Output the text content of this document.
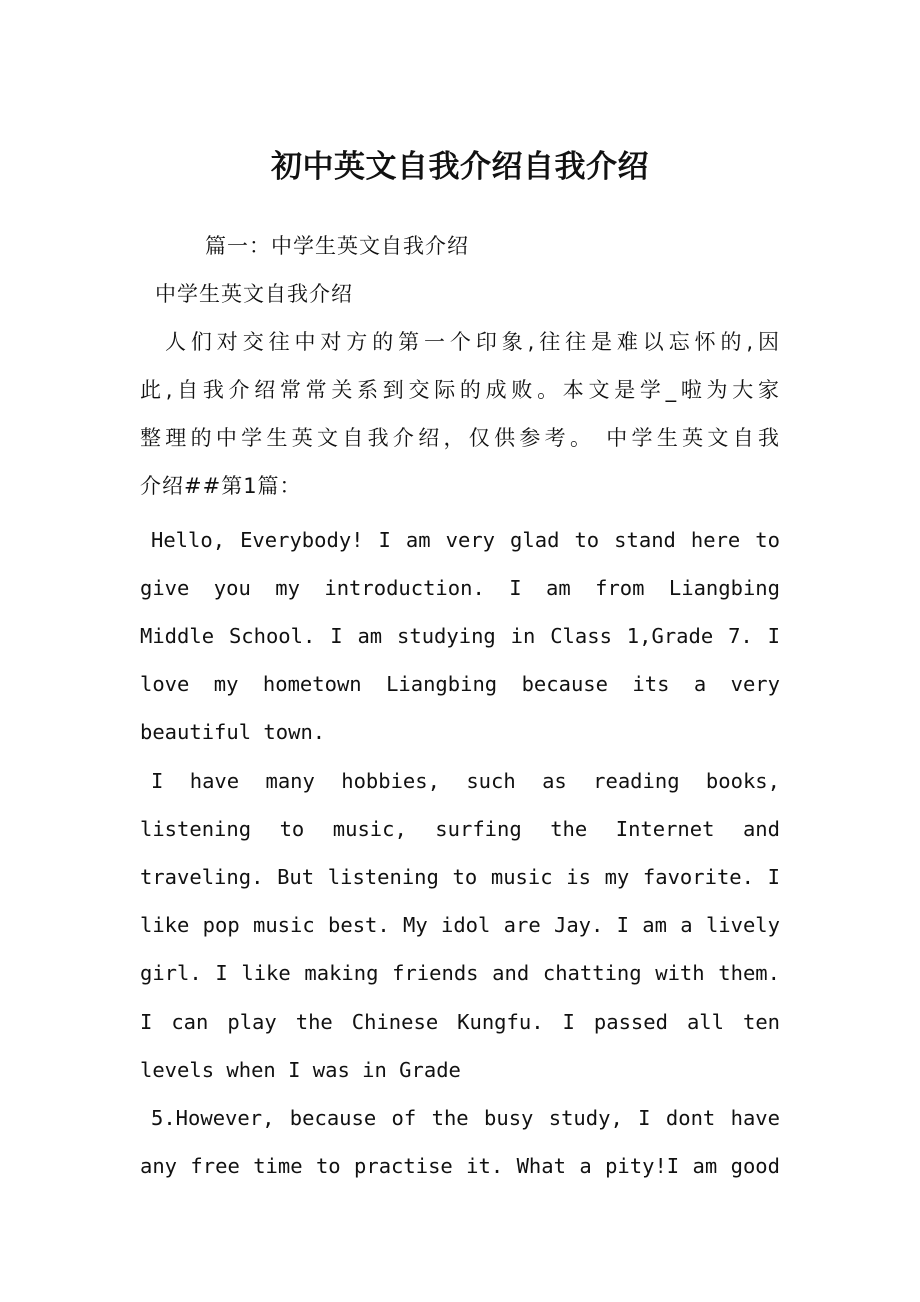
初中英文自我介绍自我介绍

篇一：中学生英文自我介绍

中学生英文自我介绍

人们对交往中对方的第一个印象,往往是难以忘怀的,因

此,自我介绍常常关系到交际的成败。本文是学_啦为大家

整理的中学生英文自我介绍，仅供参考。 中学生英文自我

介绍##第1篇：

Hello, Everybody! I am very glad to stand here to

give you my introduction. I am from Liangbing

Middle School. I am studying in Class 1,Grade 7. I

love my hometown Liangbing because its a very

beautiful town.

I have many hobbies, such as reading books,

listening to music, surfing the Internet and

traveling. But listening to music is my favorite. I

like pop music best. My idol are Jay. I am a lively

girl. I like making friends and chatting with them.

I can play the Chinese Kungfu. I passed all ten

levels when I was in Grade

5.However, because of the busy study, I dont have

any free time to practise it. What a pity!I am good
